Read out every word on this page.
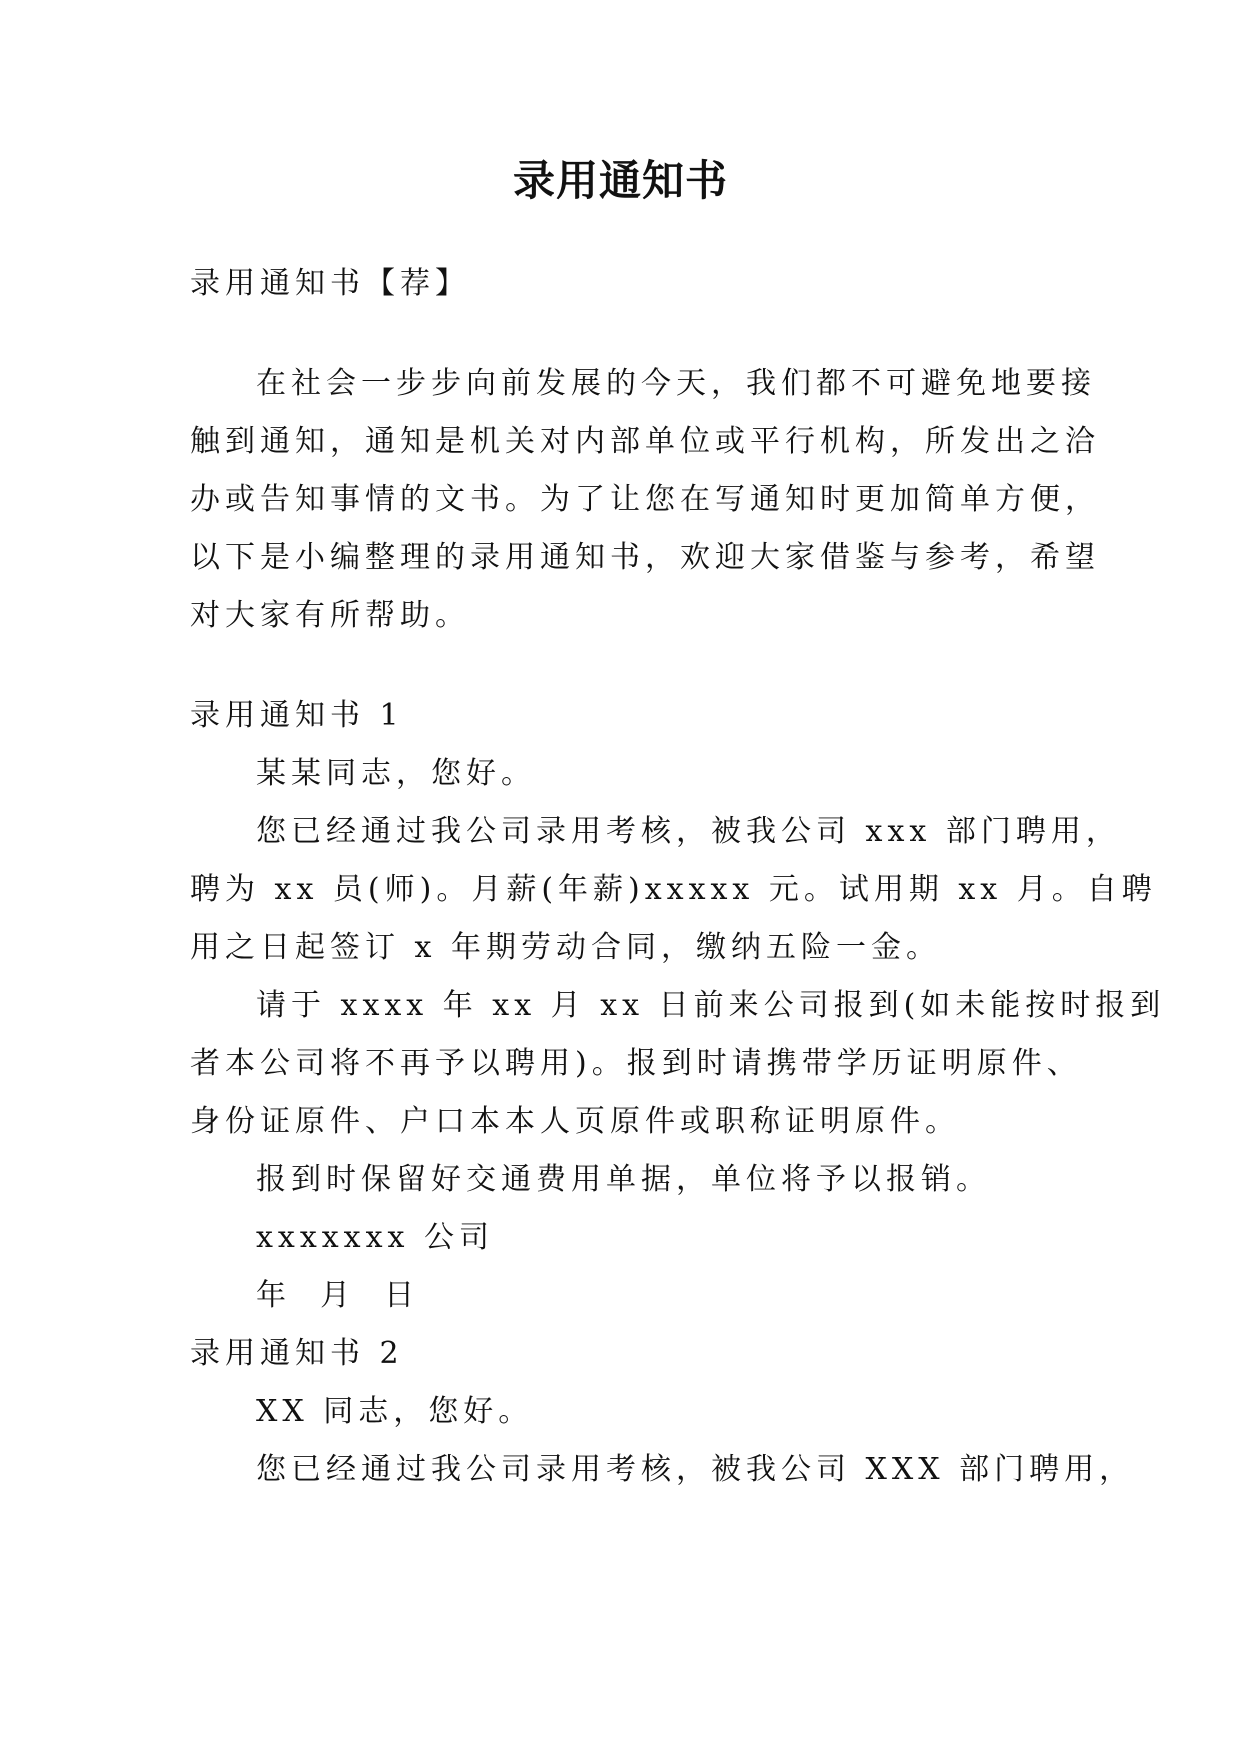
录用通知书
录用通知书【荐】
在社会一步步向前发展的今天，我们都不可避免地要接
触到通知，通知是机关对内部单位或平行机构，所发出之洽
办或告知事情的文书。为了让您在写通知时更加简单方便，
以下是小编整理的录用通知书，欢迎大家借鉴与参考，希望
对大家有所帮助。
录用通知书 1
某某同志，您好。
您已经通过我公司录用考核，被我公司 xxx 部门聘用，
聘为 xx 员(师)。月薪(年薪)xxxxx 元。试用期 xx 月。自聘
用之日起签订 x 年期劳动合同，缴纳五险一金。
请于 xxxx 年 xx 月 xx 日前来公司报到(如未能按时报到
者本公司将不再予以聘用)。报到时请携带学历证明原件、
身份证原件、户口本本人页原件或职称证明原件。
报到时保留好交通费用单据，单位将予以报销。
xxxxxxx 公司
年  月  日
录用通知书 2
XX 同志，您好。
您已经通过我公司录用考核，被我公司 XXX 部门聘用，
